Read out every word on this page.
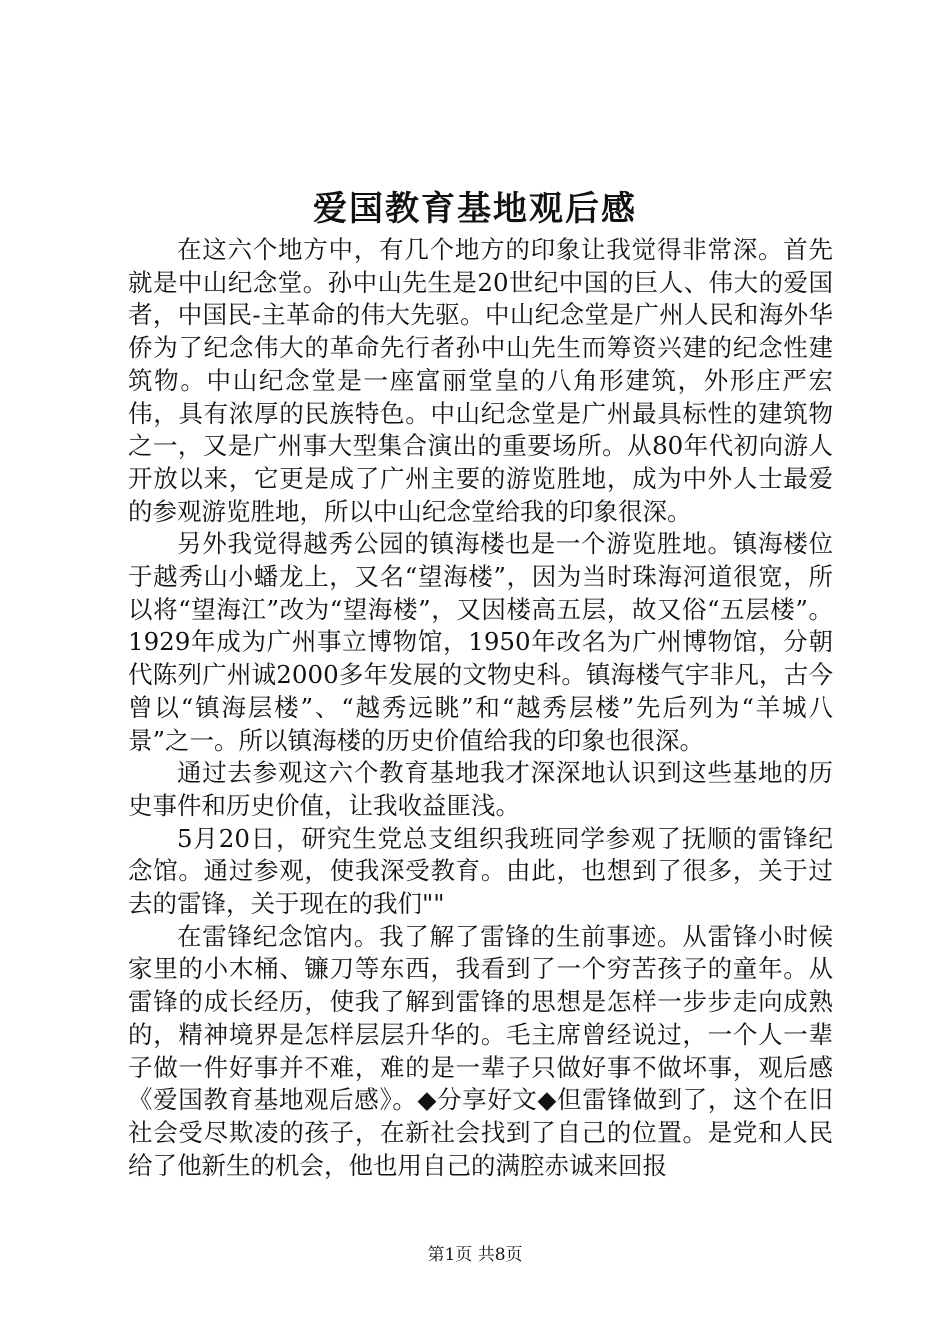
爱国教育基地观后感

在这六个地方中，有几个地方的印象让我觉得非常深。首先就是中山纪念堂。孙中山先生是20世纪中国的巨人、伟大的爱国者，中国民-主革命的伟大先驱。中山纪念堂是广州人民和海外华侨为了纪念伟大的革命先行者孙中山先生而筹资兴建的纪念性建筑物。中山纪念堂是一座富丽堂皇的八角形建筑，外形庄严宏伟，具有浓厚的民族特色。中山纪念堂是广州最具标性的建筑物之一，又是广州事大型集合演出的重要场所。从80年代初向游人开放以来，它更是成了广州主要的游览胜地，成为中外人士最爱的参观游览胜地，所以中山纪念堂给我的印象很深。

另外我觉得越秀公园的镇海楼也是一个游览胜地。镇海楼位于越秀山小蟠龙上，又名“望海楼”，因为当时珠海河道很宽，所以将“望海江”改为“望海楼”，又因楼高五层，故又俗“五层楼”。1929年成为广州事立博物馆，1950年改名为广州博物馆，分朝代陈列广州诚2000多年发展的文物史科。镇海楼气宇非凡，古今曾以“镇海层楼”、“越秀远眺”和“越秀层楼”先后列为“羊城八景”之一。所以镇海楼的历史价值给我的印象也很深。

通过去参观这六个教育基地我才深深地认识到这些基地的历史事件和历史价值，让我收益匪浅。

5月20日，研究生党总支组织我班同学参观了抚顺的雷锋纪念馆。通过参观，使我深受教育。由此，也想到了很多，关于过去的雷锋，关于现在的我们""

在雷锋纪念馆内。我了解了雷锋的生前事迹。从雷锋小时候家里的小木桶、镰刀等东西，我看到了一个穷苦孩子的童年。从雷锋的成长经历，使我了解到雷锋的思想是怎样一步步走向成熟的，精神境界是怎样层层升华的。毛主席曾经说过，一个人一辈子做一件好事并不难，难的是一辈子只做好事不做坏事，观后感《爱国教育基地观后感》。◆分享好文◆但雷锋做到了，这个在旧社会受尽欺凌的孩子，在新社会找到了自己的位置。是党和人民给了他新生的机会，他也用自己的满腔赤诚来回报

第1页 共8页
